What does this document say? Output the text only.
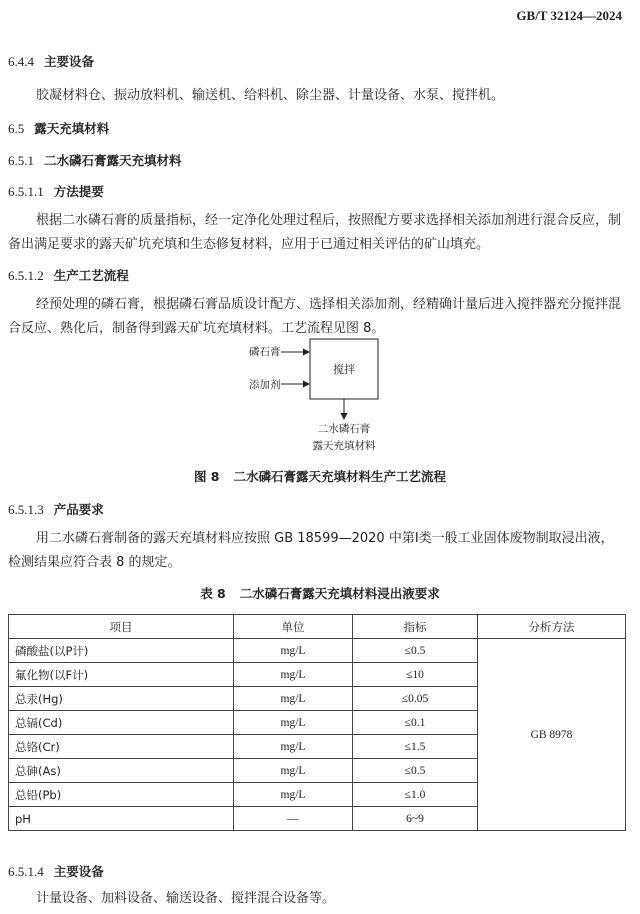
GB/T 32124—2024
6.4.4 主要设备
胶凝材料仓、振动放料机、输送机、给料机、除尘器、计量设备、水泵、搅拌机。
6.5 露天充填材料
6.5.1 二水磷石膏露天充填材料
6.5.1.1 方法提要
根据二水磷石膏的质量指标，经一定净化处理过程后，按照配方要求选择相关添加剂进行混合反应，制备出满足要求的露天矿坑充填和生态修复材料，应用于已通过相关评估的矿山填充。
6.5.1.2 生产工艺流程
经预处理的磷石膏，根据磷石膏品质设计配方、选择相关添加剂，经精确计量后进入搅拌器充分搅拌混合反应、熟化后，制备得到露天矿坑充填材料。工艺流程见图 8。
磷石膏
添加剂
搅拌
二水磷石膏
露天充填材料
图 8 二水磷石膏露天充填材料生产工艺流程
6.5.1.3 产品要求
用二水磷石膏制备的露天充填材料应按照 GB 18599—2020 中第Ⅰ类一般工业固体废物制取浸出液，检测结果应符合表 8 的规定。
表 8 二水磷石膏露天充填材料浸出液要求
项目	单位	指标	分析方法
磷酸盐(以P计)	mg/L	≤0.5	GB 8978
氟化物(以F计)	mg/L	≤10	
总汞(Hg)	mg/L	≤0.05	
总镉(Cd)	mg/L	≤0.1	
总铬(Cr)	mg/L	≤1.5	
总砷(As)	mg/L	≤0.5	
总铅(Pb)	mg/L	≤1.0	
pH	—	6~9	
6.5.1.4 主要设备
计量设备、加料设备、输送设备、搅拌混合设备等。
